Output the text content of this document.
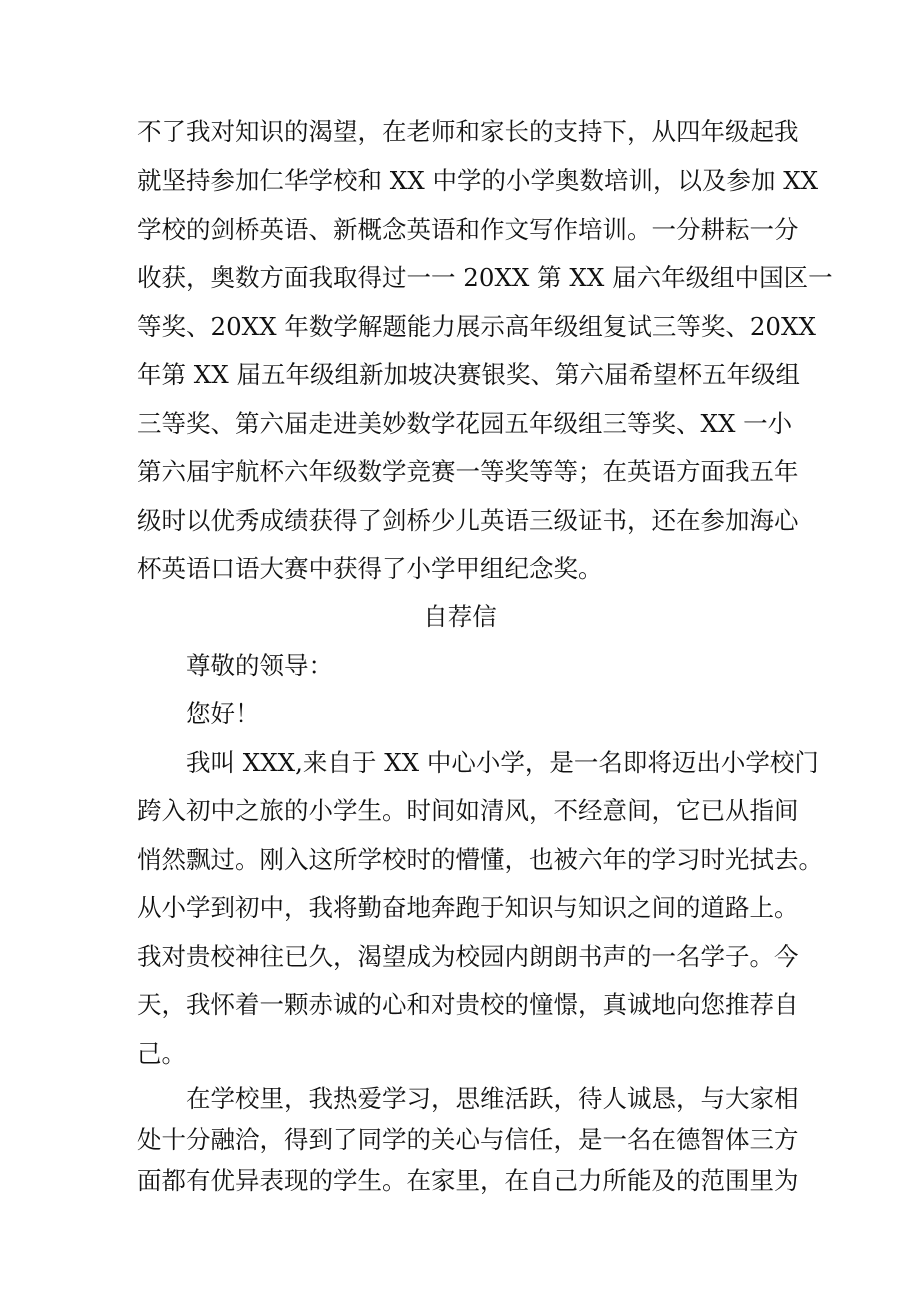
不了我对知识的渴望，在老师和家长的支持下，从四年级起我
就坚持参加仁华学校和 XX 中学的小学奥数培训，以及参加 XX
学校的剑桥英语、新概念英语和作文写作培训。一分耕耘一分
收获，奥数方面我取得过一一 20XX 第 XX 届六年级组中国区一
等奖、20XX 年数学解题能力展示高年级组复试三等奖、20XX
年第 XX 届五年级组新加坡决赛银奖、第六届希望杯五年级组
三等奖、第六届走进美妙数学花园五年级组三等奖、XX 一小
第六届宇航杯六年级数学竞赛一等奖等等；在英语方面我五年
级时以优秀成绩获得了剑桥少儿英语三级证书，还在参加海心
杯英语口语大赛中获得了小学甲组纪念奖。
自荐信
尊敬的领导：
您好！
我叫 XXX,来自于 XX 中心小学，是一名即将迈出小学校门
跨入初中之旅的小学生。时间如清风，不经意间，它已从指间
悄然飘过。刚入这所学校时的懵懂，也被六年的学习时光拭去。
从小学到初中，我将勤奋地奔跑于知识与知识之间的道路上。
我对贵校神往已久，渴望成为校园内朗朗书声的一名学子。今
天，我怀着一颗赤诚的心和对贵校的憧憬，真诚地向您推荐自
己。
在学校里，我热爱学习，思维活跃，待人诚恳，与大家相
处十分融洽，得到了同学的关心与信任，是一名在德智体三方
面都有优异表现的学生。在家里，在自己力所能及的范围里为
